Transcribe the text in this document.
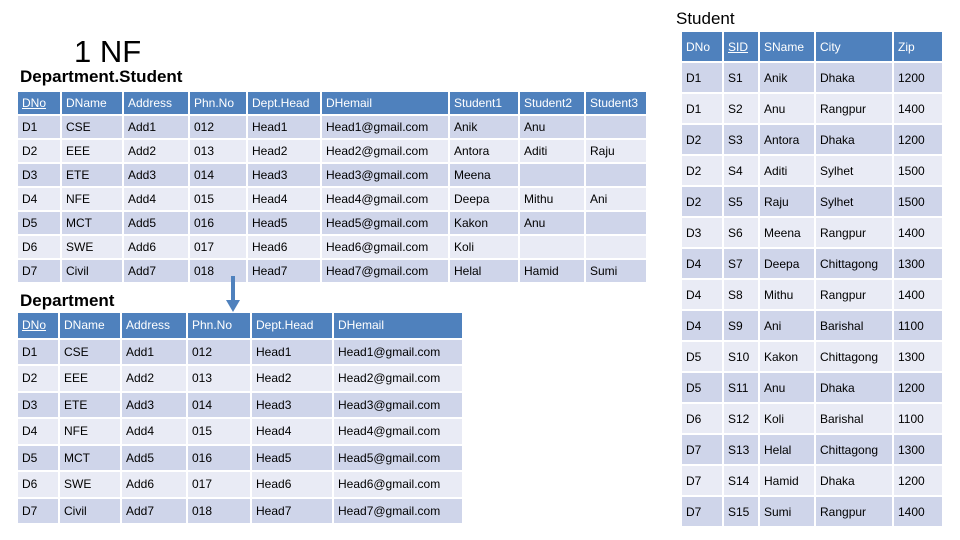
1 NF
Department.Student
Department
Student
DNo	DName	Address	Phn.No	Dept.Head	DHemail	Student1	Student2	Student3
D1	CSE	Add1	012	Head1	Head1@gmail.com	Anik	Anu	
D2	EEE	Add2	013	Head2	Head2@gmail.com	Antora	Aditi	Raju
D3	ETE	Add3	014	Head3	Head3@gmail.com	Meena		
D4	NFE	Add4	015	Head4	Head4@gmail.com	Deepa	Mithu	Ani
D5	MCT	Add5	016	Head5	Head5@gmail.com	Kakon	Anu	
D6	SWE	Add6	017	Head6	Head6@gmail.com	Koli		
D7	Civil	Add7	018	Head7	Head7@gmail.com	Helal	Hamid	Sumi
DNo	DName	Address	Phn.No	Dept.Head	DHemail
D1	CSE	Add1	012	Head1	Head1@gmail.com
D2	EEE	Add2	013	Head2	Head2@gmail.com
D3	ETE	Add3	014	Head3	Head3@gmail.com
D4	NFE	Add4	015	Head4	Head4@gmail.com
D5	MCT	Add5	016	Head5	Head5@gmail.com
D6	SWE	Add6	017	Head6	Head6@gmail.com
D7	Civil	Add7	018	Head7	Head7@gmail.com
DNo	SID	SName	City	Zip
D1	S1	Anik	Dhaka	1200
D1	S2	Anu	Rangpur	1400
D2	S3	Antora	Dhaka	1200
D2	S4	Aditi	Sylhet	1500
D2	S5	Raju	Sylhet	1500
D3	S6	Meena	Rangpur	1400
D4	S7	Deepa	Chittagong	1300
D4	S8	Mithu	Rangpur	1400
D4	S9	Ani	Barishal	1100
D5	S10	Kakon	Chittagong	1300
D5	S11	Anu	Dhaka	1200
D6	S12	Koli	Barishal	1100
D7	S13	Helal	Chittagong	1300
D7	S14	Hamid	Dhaka	1200
D7	S15	Sumi	Rangpur	1400
